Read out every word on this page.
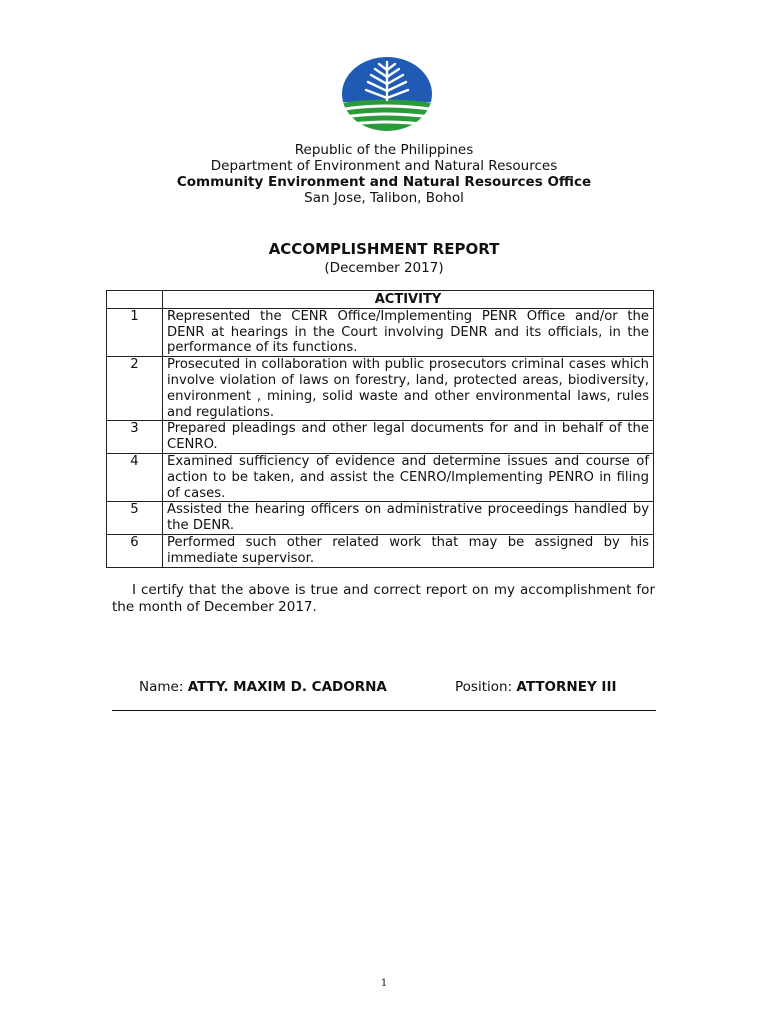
Republic of the Philippines
Department of Environment and Natural Resources
Community Environment and Natural Resources Office
San Jose, Talibon, Bohol
ACCOMPLISHMENT REPORT
(December 2017)
	ACTIVITY
1	Represented the CENR Office/Implementing PENR Office and/or the DENR at hearings in the Court involving DENR and its officials, in the performance of its functions.
2	Prosecuted in collaboration with public prosecutors criminal cases which involve violation of laws on forestry, land, protected areas, biodiversity, environment , mining, solid waste and other environmental laws, rules and regulations.
3	Prepared pleadings and other legal documents for and in behalf of the CENRO.
4	Examined sufficiency of evidence and determine issues and course of action to be taken, and assist the CENRO/Implementing PENRO in filing of cases.
5	Assisted the hearing officers on administrative proceedings handled by the DENR.
6	Performed such other related work that may be assigned by his immediate supervisor.
I certify that the above is true and correct report on my accomplishment for the month of December 2017.
Name: ATTY. MAXIM D. CADORNA	Position: ATTORNEY III
1
